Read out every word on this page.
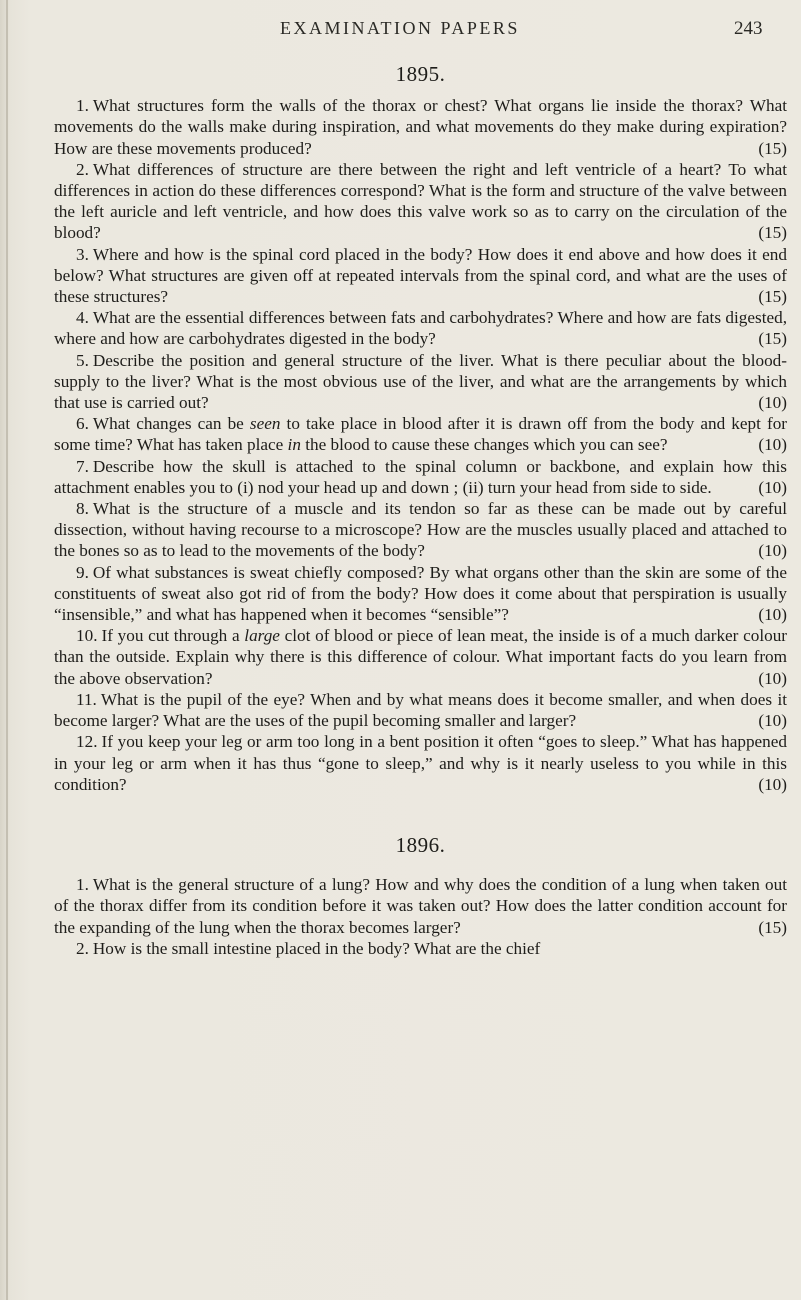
EXAMINATION PAPERS	243
1895.

1. What structures form the walls of the thorax or chest? What organs lie inside the thorax? What movements do the walls make during inspiration, and what movements do they make during expiration? How are these movements produced?	(15)

2. What differences of structure are there between the right and left ventricle of a heart? To what differences in action do these differences correspond? What is the form and structure of the valve between the left auricle and left ventricle, and how does this valve work so as to carry on the circulation of the blood?	(15)

3. Where and how is the spinal cord placed in the body? How does it end above and how does it end below? What structures are given off at repeated intervals from the spinal cord, and what are the uses of these structures?	(15)

4. What are the essential differences between fats and carbohydrates? Where and how are fats digested, where and how are carbohydrates digested in the body?	(15)

5. Describe the position and general structure of the liver. What is there peculiar about the blood-supply to the liver? What is the most obvious use of the liver, and what are the arrangements by which that use is carried out?	(10)

6. What changes can be seen to take place in blood after it is drawn off from the body and kept for some time? What has taken place in the blood to cause these changes which you can see?	(10)

7. Describe how the skull is attached to the spinal column or backbone, and explain how this attachment enables you to (i) nod your head up and down ; (ii) turn your head from side to side.	(10)

8. What is the structure of a muscle and its tendon so far as these can be made out by careful dissection, without having recourse to a microscope? How are the muscles usually placed and attached to the bones so as to lead to the movements of the body?	(10)

9. Of what substances is sweat chiefly composed? By what organs other than the skin are some of the constituents of sweat also got rid of from the body? How does it come about that perspiration is usually “insensible,” and what has happened when it becomes “sensible”?	(10)

10. If you cut through a large clot of blood or piece of lean meat, the inside is of a much darker colour than the outside. Explain why there is this difference of colour. What important facts do you learn from the above observation?	(10)

11. What is the pupil of the eye? When and by what means does it become smaller, and when does it become larger? What are the uses of the pupil becoming smaller and larger?	(10)

12. If you keep your leg or arm too long in a bent position it often “goes to sleep.” What has happened in your leg or arm when it has thus “gone to sleep,” and why is it nearly useless to you while in this condition?	(10)

1896.

1. What is the general structure of a lung? How and why does the condition of a lung when taken out of the thorax differ from its condition before it was taken out? How does the latter condition account for the expanding of the lung when the thorax becomes larger?	(15)

2. How is the small intestine placed in the body? What are the chief
